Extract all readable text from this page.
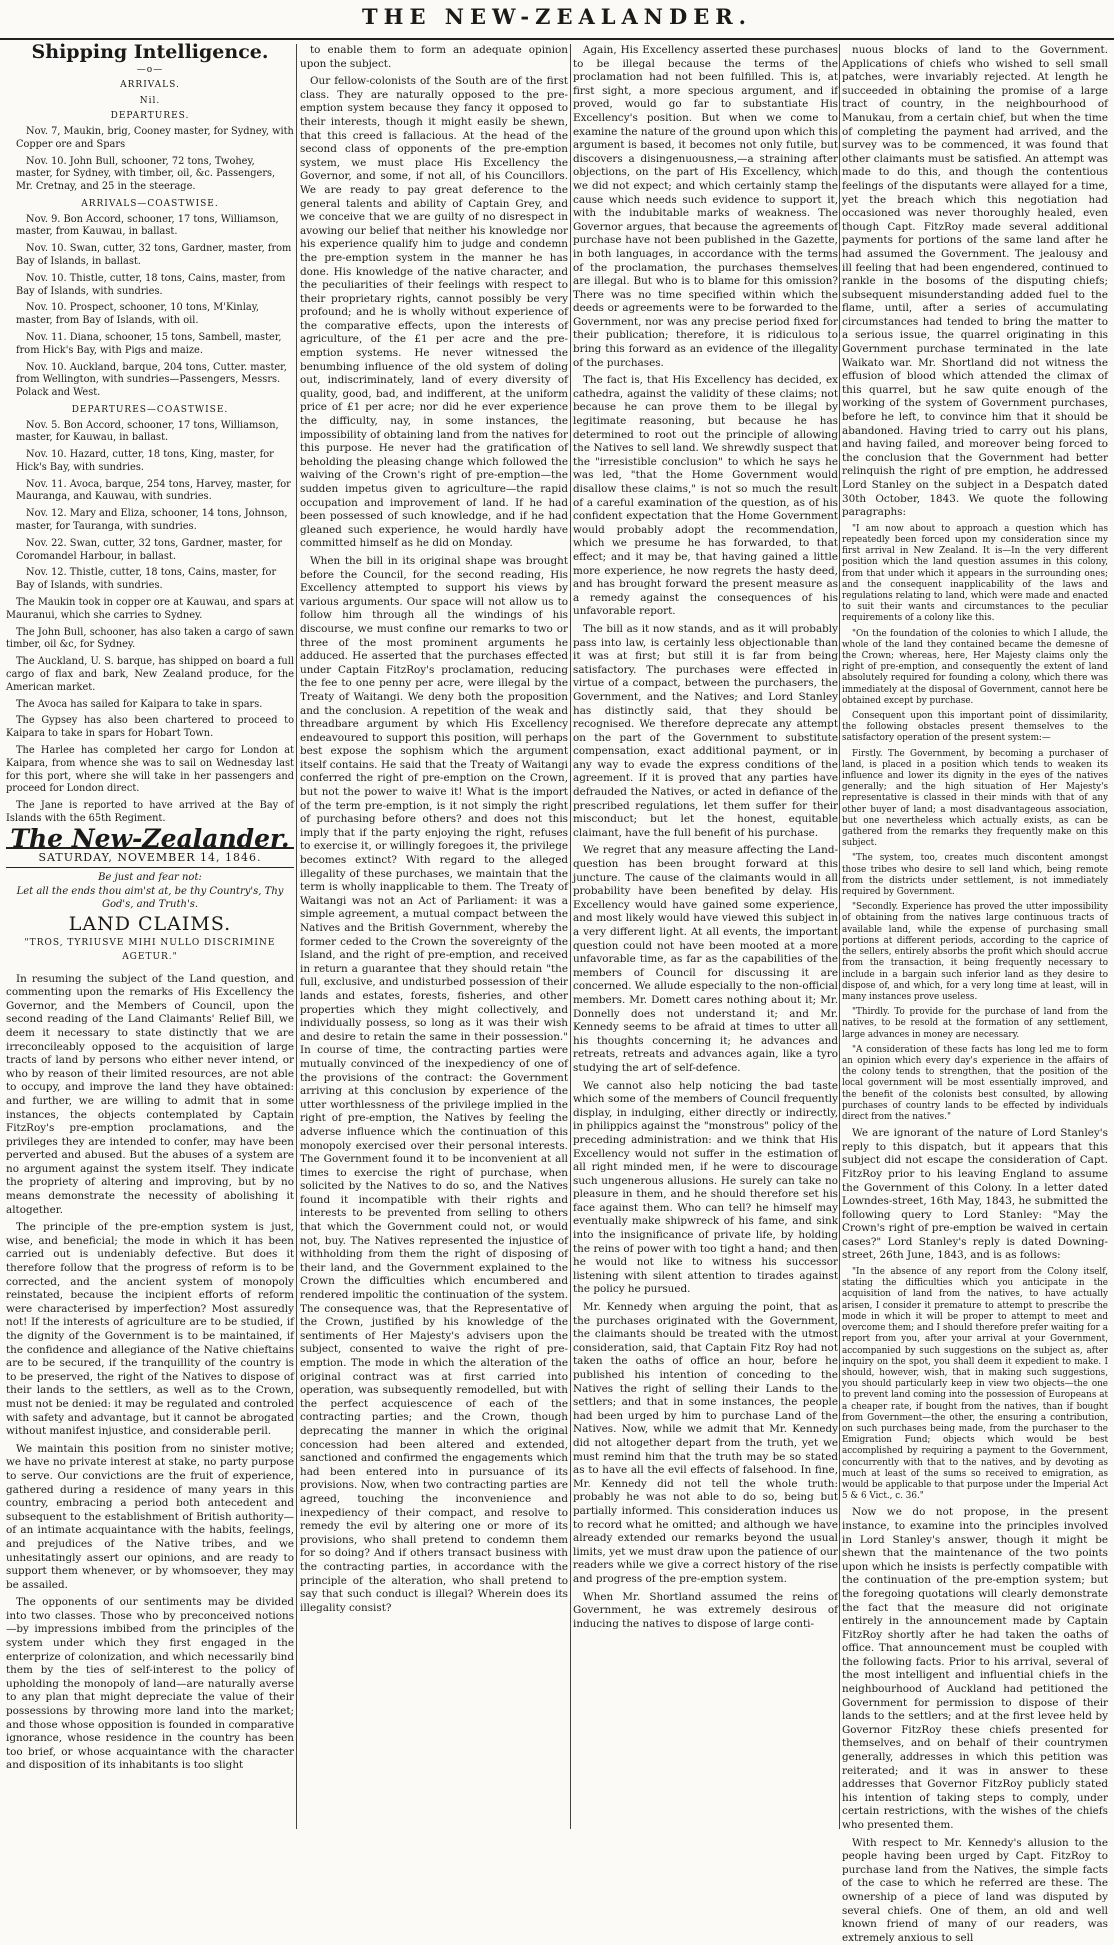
THE NEW-ZEALANDER.
Shipping Intelligence.
—o—
ARRIVALS.
Nil.
DEPARTURES.

Nov. 7, Maukin, brig, Cooney master, for Sydney, with Copper ore and Spars

Nov. 10. John Bull, schooner, 72 tons, Twohey, master, for Sydney, with timber, oil, &c. Passengers, Mr. Cretnay, and 25 in the steerage.

ARRIVALS—COASTWISE.

Nov. 9. Bon Accord, schooner, 17 tons, Williamson, master, from Kauwau, in ballast.

Nov. 10. Swan, cutter, 32 tons, Gardner, master, from Bay of Islands, in ballast.

Nov. 10. Thistle, cutter, 18 tons, Cains, master, from Bay of Islands, with sundries.

Nov. 10. Prospect, schooner, 10 tons, M'Kinlay, master, from Bay of Islands, with oil.

Nov. 11. Diana, schooner, 15 tons, Sambell, master, from Hick's Bay, with Pigs and maize.

Nov. 10. Auckland, barque, 204 tons, Cutter. master, from Wellington, with sundries—Passengers, Messrs. Polack and West.

DEPARTURES—COASTWISE.

Nov. 5. Bon Accord, schooner, 17 tons, Williamson, master, for Kauwau, in ballast.

Nov. 10. Hazard, cutter, 18 tons, King, master, for Hick's Bay, with sundries.

Nov. 11. Avoca, barque, 254 tons, Harvey, master, for Mauranga, and Kauwau, with sundries.

Nov. 12. Mary and Eliza, schooner, 14 tons, Johnson, master, for Tauranga, with sundries.

Nov. 22. Swan, cutter, 32 tons, Gardner, master, for Coromandel Harbour, in ballast.

Nov. 12. Thistle, cutter, 18 tons, Cains, master, for Bay of Islands, with sundries.

The Maukin took in copper ore at Kauwau, and spars at Mauranui, which she carries to Sydney.

The John Bull, schooner, has also taken a cargo of sawn timber, oil &c, for Sydney.

The Auckland, U. S. barque, has shipped on board a full cargo of flax and bark, New Zealand produce, for the American market.

The Avoca has sailed for Kaipara to take in spars.

The Gypsey has also been chartered to proceed to Kaipara to take in spars for Hobart Town.

The Harlee has completed her cargo for London at Kaipara, from whence she was to sail on Wednesday last for this port, where she will take in her passengers and proceed for London direct.

The Jane is reported to have arrived at the Bay of Islands with the 65th Regiment.

The New-Zealander.
SATURDAY, NOVEMBER 14, 1846.
Be just and fear not:
Let all the ends thou aim'st at, be thy Country's, Thy God's, and Truth's.
LAND CLAIMS.
"TROS, TYRIUSVE MIHI NULLO DISCRIMINE AGETUR."

In resuming the subject of the Land question, and commenting upon the remarks of His Excellency the Governor, and the Members of Council, upon the second reading of the Land Claimants' Relief Bill, we deem it necessary to state distinctly that we are irreconcileably opposed to the acquisition of large tracts of land by persons who either never intend, or who by reason of their limited resources, are not able to occupy, and improve the land they have obtained: and further, we are willing to admit that in some instances, the objects contemplated by Captain FitzRoy's pre-emption proclamations, and the privileges they are intended to confer, may have been perverted and abused. But the abuses of a system are no argument against the system itself. They indicate the propriety of altering and improving, but by no means demonstrate the necessity of abolishing it altogether.

The principle of the pre-emption system is just, wise, and beneficial; the mode in which it has been carried out is undeniably defective. But does it therefore follow that the progress of reform is to be corrected, and the ancient system of monopoly reinstated, because the incipient efforts of reform were characterised by imperfection? Most assuredly not! If the interests of agriculture are to be studied, if the dignity of the Government is to be maintained, if the confidence and allegiance of the Native chieftains are to be secured, if the tranquillity of the country is to be preserved, the right of the Natives to dispose of their lands to the settlers, as well as to the Crown, must not be denied: it may be regulated and controled with safety and advantage, but it cannot be abrogated without manifest injustice, and considerable peril.

We maintain this position from no sinister motive; we have no private interest at stake, no party purpose to serve. Our convictions are the fruit of experience, gathered during a residence of many years in this country, embracing a period both antecedent and subsequent to the establishment of British authority—of an intimate acquaintance with the habits, feelings, and prejudices of the Native tribes, and we unhesitatingly assert our opinions, and are ready to support them whenever, or by whomsoever, they may be assailed.

The opponents of our sentiments may be divided into two classes. Those who by preconceived notions—by impressions imbibed from the principles of the system under which they first engaged in the enterprize of colonization, and which necessarily bind them by the ties of self-interest to the policy of upholding the monopoly of land—are naturally averse to any plan that might depreciate the value of their possessions by throwing more land into the market; and those whose opposition is founded in comparative ignorance, whose residence in the country has been too brief, or whose acquaintance with the character and disposition of its inhabitants is too slight

to enable them to form an adequate opinion upon the subject.

Our fellow-colonists of the South are of the first class. They are naturally opposed to the pre-emption system because they fancy it opposed to their interests, though it might easily be shewn, that this creed is fallacious. At the head of the second class of opponents of the pre-emption system, we must place His Excellency the Governor, and some, if not all, of his Councillors. We are ready to pay great deference to the general talents and ability of Captain Grey, and we conceive that we are guilty of no disrespect in avowing our belief that neither his knowledge nor his experience qualify him to judge and condemn the pre-emption system in the manner he has done. His knowledge of the native character, and the peculiarities of their feelings with respect to their proprietary rights, cannot possibly be very profound; and he is wholly without experience of the comparative effects, upon the interests of agriculture, of the £1 per acre and the pre-emption systems. He never witnessed the benumbing influence of the old system of doling out, indiscriminately, land of every diversity of quality, good, bad, and indifferent, at the uniform price of £1 per acre; nor did he ever experience the difficulty, nay, in some instances, the impossibility of obtaining land from the natives for this purpose. He never had the gratification of beholding the pleasing change which followed the waiving of the Crown's right of pre-emption—the sudden impetus given to agriculture—the rapid occupation and improvement of land. If he had been possessed of such knowledge, and if he had gleaned such experience, he would hardly have committed himself as he did on Monday.

When the bill in its original shape was brought before the Council, for the second reading, His Excellency attempted to support his views by various arguments. Our space will not allow us to follow him through all the windings of his discourse, we must confine our remarks to two or three of the most prominent arguments he adduced. He asserted that the purchases effected under Captain FitzRoy's proclamation, reducing the fee to one penny per acre, were illegal by the Treaty of Waitangi. We deny both the proposition and the conclusion. A repetition of the weak and threadbare argument by which His Excellency endeavoured to support this position, will perhaps best expose the sophism which the argument itself contains. He said that the Treaty of Waitangi conferred the right of pre-emption on the Crown, but not the power to waive it! What is the import of the term pre-emption, is it not simply the right of purchasing before others? and does not this imply that if the party enjoying the right, refuses to exercise it, or willingly foregoes it, the privilege becomes extinct? With regard to the alleged illegality of these purchases, we maintain that the term is wholly inapplicable to them. The Treaty of Waitangi was not an Act of Parliament: it was a simple agreement, a mutual compact between the Natives and the British Government, whereby the former ceded to the Crown the sovereignty of the Island, and the right of pre-emption, and received in return a guarantee that they should retain "the full, exclusive, and undisturbed possession of their lands and estates, forests, fisheries, and other properties which they might collectively, and individually possess, so long as it was their wish and desire to retain the same in their possession." In course of time, the contracting parties were mutually convinced of the inexpediency of one of the provisions of the contract: the Government arriving at this conclusion by experience of the utter worthlessness of the privilege implied in the right of pre-emption, the Natives by feeling the adverse influence which the continuation of this monopoly exercised over their personal interests. The Government found it to be inconvenient at all times to exercise the right of purchase, when solicited by the Natives to do so, and the Natives found it incompatible with their rights and interests to be prevented from selling to others that which the Government could not, or would not, buy. The Natives represented the injustice of withholding from them the right of disposing of their land, and the Government explained to the Crown the difficulties which encumbered and rendered impolitic the continuation of the system. The consequence was, that the Representative of the Crown, justified by his knowledge of the sentiments of Her Majesty's advisers upon the subject, consented to waive the right of pre-emption. The mode in which the alteration of the original contract was at first carried into operation, was subsequently remodelled, but with the perfect acquiescence of each of the contracting parties; and the Crown, though deprecating the manner in which the original concession had been altered and extended, sanctioned and confirmed the engagements which had been entered into in pursuance of its provisions. Now, when two contracting parties are agreed, touching the inconvenience and inexpediency of their compact, and resolve to remedy the evil by altering one or more of its provisions, who shall pretend to condemn them for so doing? And if others transact business with the contracting parties, in accordance with the principle of the alteration, who shall pretend to say that such conduct is illegal? Wherein does its illegality consist?

Again, His Excellency asserted these purchases to be illegal because the terms of the proclamation had not been fulfilled. This is, at first sight, a more specious argument, and if proved, would go far to substantiate His Excellency's position. But when we come to examine the nature of the ground upon which this argument is based, it becomes not only futile, but discovers a disingenuousness,—a straining after objections, on the part of His Excellency, which we did not expect; and which certainly stamp the cause which needs such evidence to support it, with the indubitable marks of weakness. The Governor argues, that because the agreements of purchase have not been published in the Gazette, in both languages, in accordance with the terms of the proclamation, the purchases themselves are illegal. But who is to blame for this omission? There was no time specified within which the deeds or agreements were to be forwarded to the Government, nor was any precise period fixed for their publication; therefore, it is ridiculous to bring this forward as an evidence of the illegality of the purchases.

The fact is, that His Excellency has decided, ex cathedra, against the validity of these claims; not because he can prove them to be illegal by legitimate reasoning, but because he has determined to root out the principle of allowing the Natives to sell land. We shrewdly suspect that the "irresistible conclusion" to which he says he was led, "that the Home Government would disallow these claims," is not so much the result of a careful examination of the question, as of his confident expectation that the Home Government would probably adopt the recommendation, which we presume he has forwarded, to that effect; and it may be, that having gained a little more experience, he now regrets the hasty deed, and has brought forward the present measure as a remedy against the consequences of his unfavorable report.

The bill as it now stands, and as it will probably pass into law, is certainly less objectionable than it was at first; but still it is far from being satisfactory. The purchases were effected in virtue of a compact, between the purchasers, the Government, and the Natives; and Lord Stanley has distinctly said, that they should be recognised. We therefore deprecate any attempt on the part of the Government to substitute compensation, exact additional payment, or in any way to evade the express conditions of the agreement. If it is proved that any parties have defrauded the Natives, or acted in defiance of the prescribed regulations, let them suffer for their misconduct; but let the honest, equitable claimant, have the full benefit of his purchase.

We regret that any measure affecting the Land-question has been brought forward at this juncture. The cause of the claimants would in all probability have been benefited by delay. His Excellency would have gained some experience, and most likely would have viewed this subject in a very different light. At all events, the important question could not have been mooted at a more unfavorable time, as far as the capabilities of the members of Council for discussing it are concerned. We allude especially to the non-official members. Mr. Domett cares nothing about it; Mr. Donnelly does not understand it; and Mr. Kennedy seems to be afraid at times to utter all his thoughts concerning it; he advances and retreats, retreats and advances again, like a tyro studying the art of self-defence.

We cannot also help noticing the bad taste which some of the members of Council frequently display, in indulging, either directly or indirectly, in philippics against the "monstrous" policy of the preceding administration: and we think that His Excellency would not suffer in the estimation of all right minded men, if he were to discourage such ungenerous allusions. He surely can take no pleasure in them, and he should therefore set his face against them. Who can tell? he himself may eventually make shipwreck of his fame, and sink into the insignificance of private life, by holding the reins of power with too tight a hand; and then he would not like to witness his successor listening with silent attention to tirades against the policy he pursued.

Mr. Kennedy when arguing the point, that as the purchases originated with the Government, the claimants should be treated with the utmost consideration, said, that Captain Fitz Roy had not taken the oaths of office an hour, before he published his intention of conceding to the Natives the right of selling their Lands to the settlers; and that in some instances, the people had been urged by him to purchase Land of the Natives. Now, while we admit that Mr. Kennedy did not altogether depart from the truth, yet we must remind him that the truth may be so stated as to have all the evil effects of falsehood. In fine, Mr. Kennedy did not tell the whole truth: probably he was not able to do so, being but partially informed. This consideration induces us to record what he omitted; and although we have already extended our remarks beyond the usual limits, yet we must draw upon the patience of our readers while we give a correct history of the rise and progress of the pre-emption system.

When Mr. Shortland assumed the reins of Government, he was extremely desirous of inducing the natives to dispose of large conti-

nuous blocks of land to the Government. Applications of chiefs who wished to sell small patches, were invariably rejected. At length he succeeded in obtaining the promise of a large tract of country, in the neighbourhood of Manukau, from a certain chief, but when the time of completing the payment had arrived, and the survey was to be commenced, it was found that other claimants must be satisfied. An attempt was made to do this, and though the contentious feelings of the disputants were allayed for a time, yet the breach which this negotiation had occasioned was never thoroughly healed, even though Capt. FitzRoy made several additional payments for portions of the same land after he had assumed the Government. The jealousy and ill feeling that had been engendered, continued to rankle in the bosoms of the disputing chiefs; subsequent misunderstanding added fuel to the flame, until, after a series of accumulating circumstances had tended to bring the matter to a serious issue, the quarrel originating in this Government purchase terminated in the late Waikato war. Mr. Shortland did not witness the effusion of blood which attended the climax of this quarrel, but he saw quite enough of the working of the system of Government purchases, before he left, to convince him that it should be abandoned. Having tried to carry out his plans, and having failed, and moreover being forced to the conclusion that the Government had better relinquish the right of pre emption, he addressed Lord Stanley on the subject in a Despatch dated 30th October, 1843. We quote the following paragraphs:

"I am now about to approach a question which has repeatedly been forced upon my consideration since my first arrival in New Zealand. It is—In the very different position which the land question assumes in this colony, from that under which it appears in the surrounding ones; and the consequent inapplicability of the laws and regulations relating to land, which were made and enacted to suit their wants and circumstances to the peculiar requirements of a colony like this.

"On the foundation of the colonies to which I allude, the whole of the land they contained became the demesne of the Crown; whereas, here, Her Majesty claims only the right of pre-emption, and consequently the extent of land absolutely required for founding a colony, which there was immediately at the disposal of Government, cannot here be obtained except by purchase.

Consequent upon this important point of dissimilarity, the following obstacles present themselves to the satisfactory operation of the present system:—

Firstly. The Government, by becoming a purchaser of land, is placed in a position which tends to weaken its influence and lower its dignity in the eyes of the natives generally; and the high situation of Her Majesty's representative is classed in their minds with that of any other buyer of land; a most disadvantageous association, but one nevertheless which actually exists, as can be gathered from the remarks they frequently make on this subject.

"The system, too, creates much discontent amongst those tribes who desire to sell land which, being remote from the districts under settlement, is not immediately required by Government.

"Secondly. Experience has proved the utter impossibility of obtaining from the natives large continuous tracts of available land, while the expense of purchasing small portions at different periods, according to the caprice of the sellers, entirely absorbs the profit which should accrue from the transaction, it being frequently necessary to include in a bargain such inferior land as they desire to dispose of, and which, for a very long time at least, will in many instances prove useless.

"Thirdly. To provide for the purchase of land from the natives, to be resold at the formation of any settlement, large advances in money are necessary.

"A consideration of these facts has long led me to form an opinion which every day's experience in the affairs of the colony tends to strengthen, that the position of the local government will be most essentially improved, and the benefit of the colonists best consulted, by allowing purchases of country lands to be effected by individuals direct from the natives."

We are ignorant of the nature of Lord Stanley's reply to this dispatch, but it appears that this subject did not escape the consideration of Capt. FitzRoy prior to his leaving England to assume the Government of this Colony. In a letter dated Lowndes-street, 16th May, 1843, he submitted the following query to Lord Stanley: "May the Crown's right of pre-emption be waived in certain cases?" Lord Stanley's reply is dated Downing-street, 26th June, 1843, and is as follows:

"In the absence of any report from the Colony itself, stating the difficulties which you anticipate in the acquisition of land from the natives, to have actually arisen, I consider it premature to attempt to prescribe the mode in which it will be proper to attempt to meet and overcome them; and I should therefore prefer waiting for a report from you, after your arrival at your Government, accompanied by such suggestions on the subject as, after inquiry on the spot, you shall deem it expedient to make. I should, however, wish, that in making such suggestions, you should particularly keep in view two objects—the one to prevent land coming into the possession of Europeans at a cheaper rate, if bought from the natives, than if bought from Government—the other, the ensuring a contribution, on such purchases being made, from the purchaser to the Emigration Fund; objects which would be best accomplished by requiring a payment to the Government, concurrently with that to the natives, and by devoting as much at least of the sums so received to emigration, as would be applicable to that purpose under the Imperial Act 5 & 6 Vict., c. 36."

Now we do not propose, in the present instance, to examine into the principles involved in Lord Stanley's answer, though it might be shewn that the maintenance of the two points upon which he insists is perfectly compatible with the continuation of the pre-emption system; but the foregoing quotations will clearly demonstrate the fact that the measure did not originate entirely in the announcement made by Captain FitzRoy shortly after he had taken the oaths of office. That announcement must be coupled with the following facts. Prior to his arrival, several of the most intelligent and influential chiefs in the neighbourhood of Auckland had petitioned the Government for permission to dispose of their lands to the settlers; and at the first levee held by Governor FitzRoy these chiefs presented for themselves, and on behalf of their countrymen generally, addresses in which this petition was reiterated; and it was in answer to these addresses that Governor FitzRoy publicly stated his intention of taking steps to comply, under certain restrictions, with the wishes of the chiefs who presented them.

With respect to Mr. Kennedy's allusion to the people having been urged by Capt. FitzRoy to purchase land from the Natives, the simple facts of the case to which he referred are these. The ownership of a piece of land was disputed by several chiefs. One of them, an old and well known friend of many of our readers, was extremely anxious to sell
